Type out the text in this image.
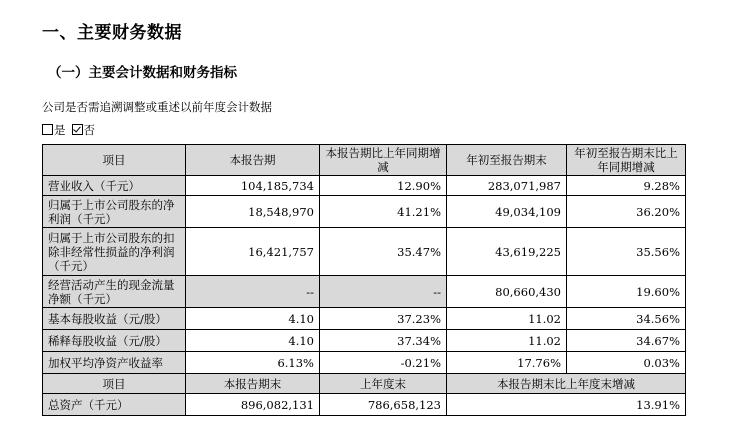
一、主要财务数据
（一）主要会计数据和财务指标
公司是否需追溯调整或重述以前年度会计数据
是	否
项目	本报告期	本报告期比上年同期增减	年初至报告期末	年初至报告期末比上年同期增减
营业收入（千元）	104,185,734	12.90%	283,071,987	9.28%
归属于上市公司股东的净利润（千元）	18,548,970	41.21%	49,034,109	36.20%
归属于上市公司股东的扣除非经常性损益的净利润（千元）	16,421,757	35.47%	43,619,225	35.56%
经营活动产生的现金流量净额（千元）	--	--	80,660,430	19.60%
基本每股收益（元/股）	4.10	37.23%	11.02	34.56%
稀释每股收益（元/股）	4.10	37.34%	11.02	34.67%
加权平均净资产收益率	6.13%	-0.21%	17.76%	0.03%
项目	本报告期末	上年度末	本报告期末比上年度末增减	
总资产（千元）	896,082,131	786,658,123	13.91%	
